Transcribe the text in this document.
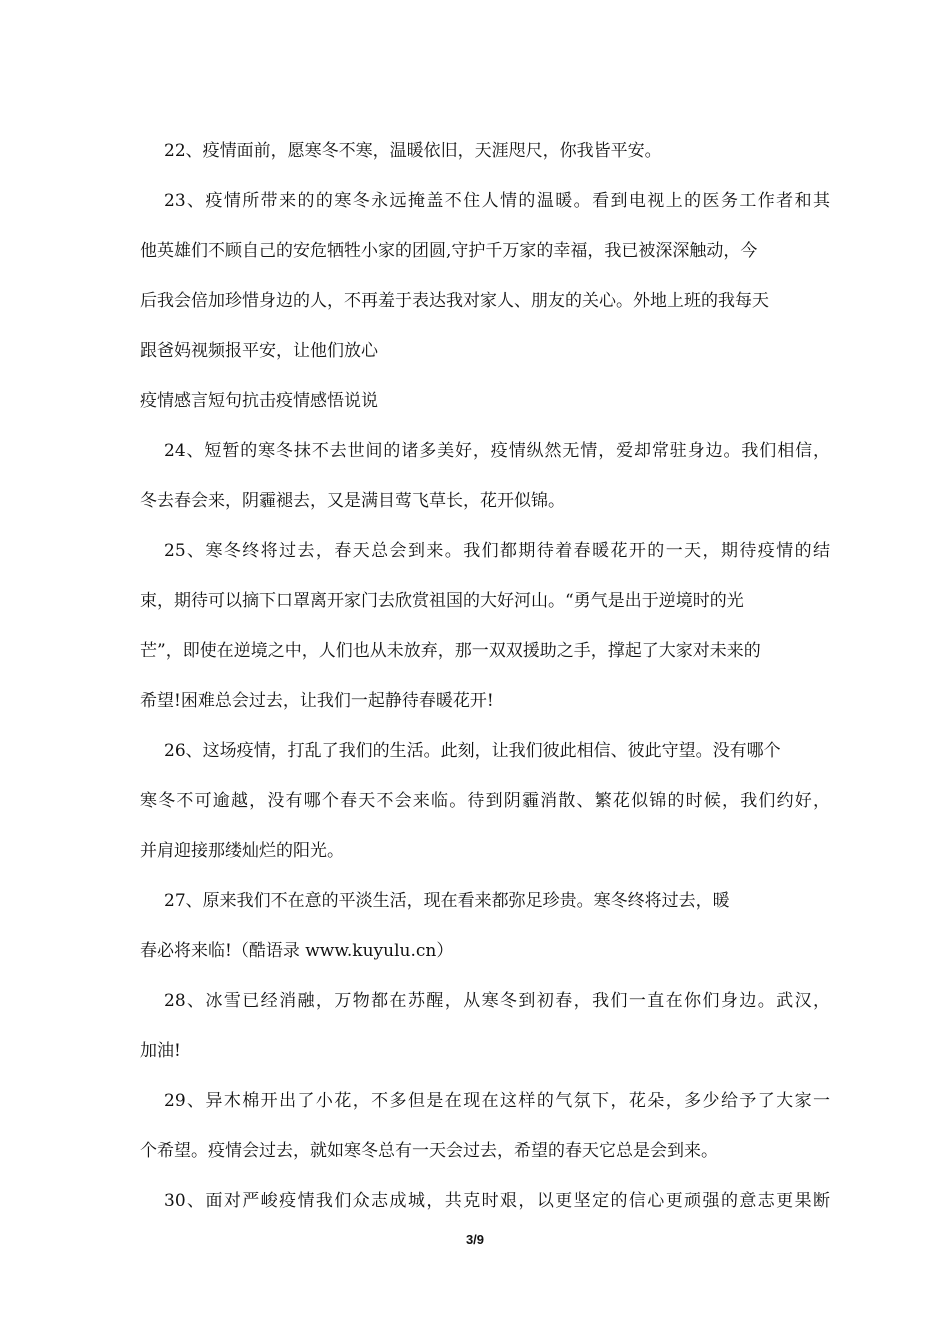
22、疫情面前，愿寒冬不寒，温暖依旧，天涯咫尺，你我皆平安。
23、疫情所带来的的寒冬永远掩盖不住人情的温暖。看到电视上的医务工作者和其
他英雄们不顾自己的安危牺牲小家的团圆,守护千万家的幸福，我已被深深触动，今
后我会倍加珍惜身边的人，不再羞于表达我对家人、朋友的关心。外地上班的我每天
跟爸妈视频报平安，让他们放心
疫情感言短句抗击疫情感悟说说
24、短暂的寒冬抹不去世间的诸多美好，疫情纵然无情，爱却常驻身边。我们相信，
冬去春会来，阴霾褪去，又是满目莺飞草长，花开似锦。
25、寒冬终将过去，春天总会到来。我们都期待着春暖花开的一天，期待疫情的结
束，期待可以摘下口罩离开家门去欣赏祖国的大好河山。“勇气是出于逆境时的光
芒”，即使在逆境之中，人们也从未放弃，那一双双援助之手，撑起了大家对未来的
希望!困难总会过去，让我们一起静待春暖花开!
26、这场疫情，打乱了我们的生活。此刻，让我们彼此相信、彼此守望。没有哪个
寒冬不可逾越，没有哪个春天不会来临。待到阴霾消散、繁花似锦的时候，我们约好，
并肩迎接那缕灿烂的阳光。
27、原来我们不在意的平淡生活，现在看来都弥足珍贵。寒冬终将过去，暖
春必将来临!（酷语录 www.kuyulu.cn）
28、冰雪已经消融，万物都在苏醒，从寒冬到初春，我们一直在你们身边。武汉，
加油!
29、异木棉开出了小花，不多但是在现在这样的气氛下，花朵，多少给予了大家一
个希望。疫情会过去，就如寒冬总有一天会过去，希望的春天它总是会到来。
30、面对严峻疫情我们众志成城，共克时艰，以更坚定的信心更顽强的意志更果断
3/9
